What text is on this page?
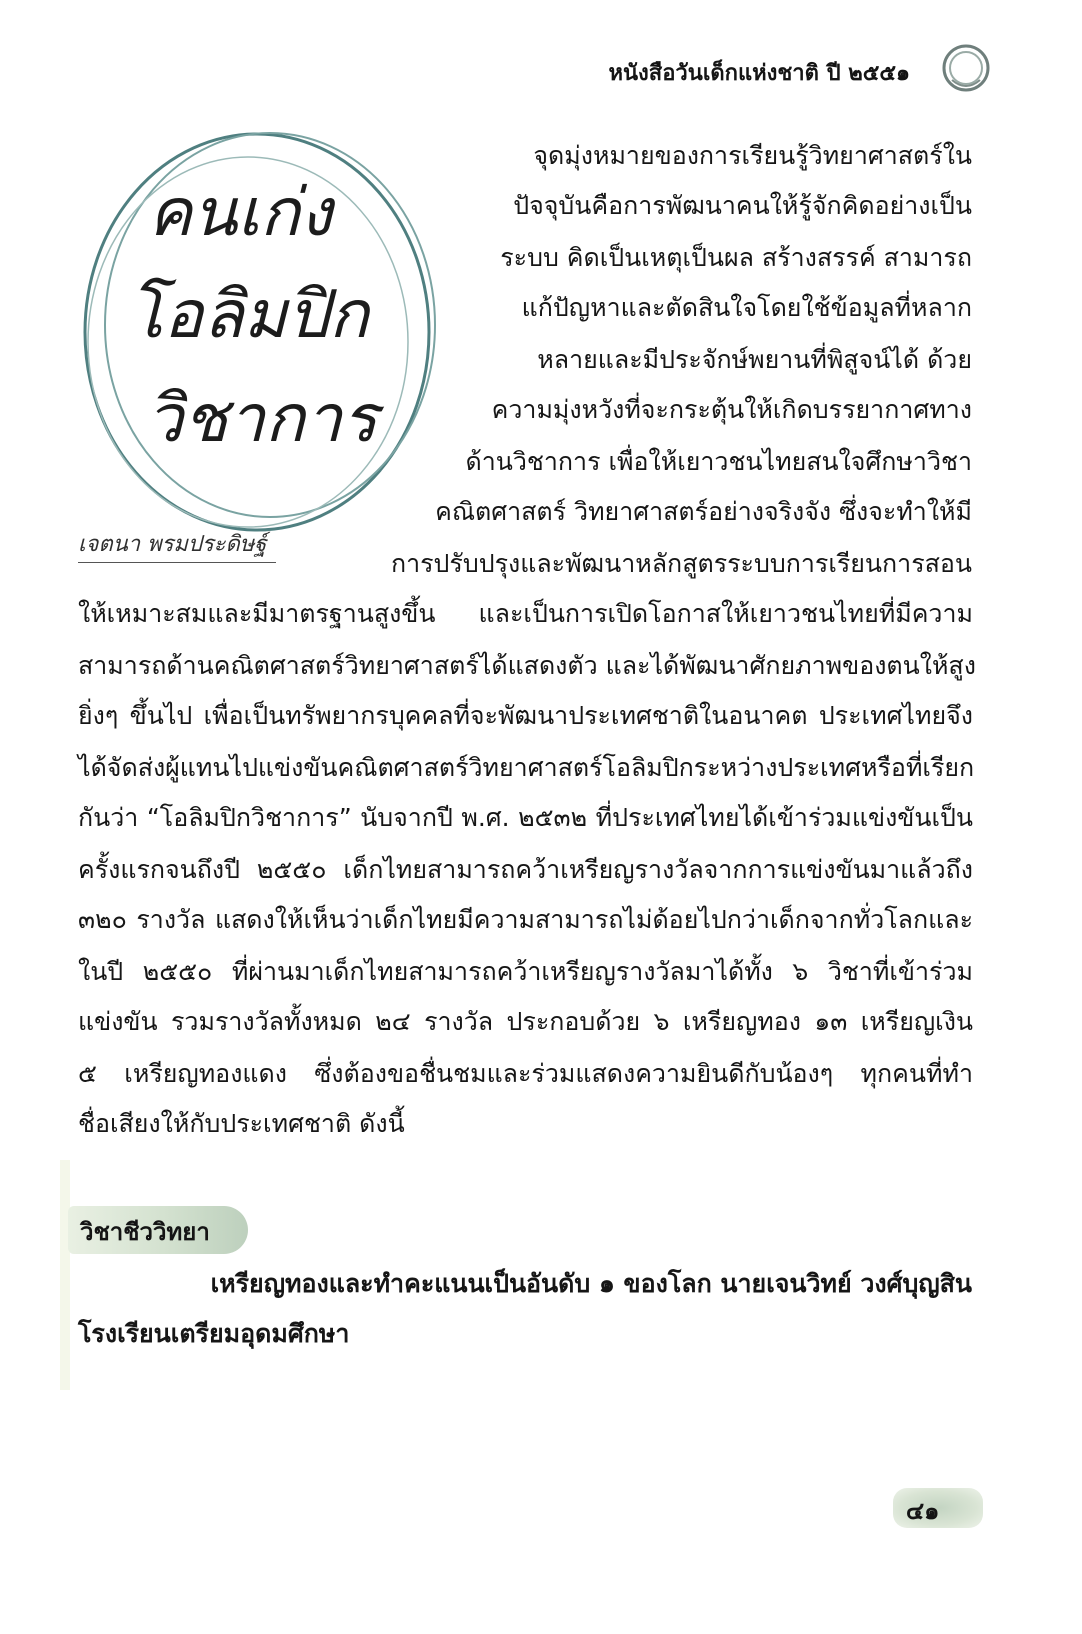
หนังสือวันเด็กแห่งชาติ ปี ๒๕๕๑
คนเก่ง
โอลิมปิก
วิชาการ
เจตนา พรมประดิษฐ์
จุดมุ่งหมายของการเรียนรู้วิทยาศาสตร์ใน
ปัจจุบันคือการพัฒนาคนให้รู้จักคิดอย่างเป็น
ระบบ คิดเป็นเหตุเป็นผล สร้างสรรค์ สามารถ
แก้ปัญหาและตัดสินใจโดยใช้ข้อมูลที่หลาก
หลายและมีประจักษ์พยานที่พิสูจน์ได้ ด้วย
ความมุ่งหวังที่จะกระตุ้นให้เกิดบรรยากาศทาง
ด้านวิชาการ เพื่อให้เยาวชนไทยสนใจศึกษาวิชา
คณิตศาสตร์ วิทยาศาสตร์อย่างจริงจัง ซึ่งจะทำให้มี
การปรับปรุงและพัฒนาหลักสูตรระบบการเรียนการสอน
ให้เหมาะสมและมีมาตรฐานสูงขึ้น และเป็นการเปิดโอกาสให้เยาวชนไทยที่มีความ
สามารถด้านคณิตศาสตร์วิทยาศาสตร์ได้แสดงตัว และได้พัฒนาศักยภาพของตนให้สูง
ยิ่งๆ ขึ้นไป เพื่อเป็นทรัพยากรบุคคลที่จะพัฒนาประเทศชาติในอนาคต ประเทศไทยจึง
ได้จัดส่งผู้แทนไปแข่งขันคณิตศาสตร์วิทยาศาสตร์โอลิมปิกระหว่างประเทศหรือที่เรียก
กันว่า “โอลิมปิกวิชาการ” นับจากปี พ.ศ. ๒๕๓๒ ที่ประเทศไทยได้เข้าร่วมแข่งขันเป็น
ครั้งแรกจนถึงปี ๒๕๕๐ เด็กไทยสามารถคว้าเหรียญรางวัลจากการแข่งขันมาแล้วถึง
๓๒๐ รางวัล แสดงให้เห็นว่าเด็กไทยมีความสามารถไม่ด้อยไปกว่าเด็กจากทั่วโลกและ
ในปี ๒๕๕๐ ที่ผ่านมาเด็กไทยสามารถคว้าเหรียญรางวัลมาได้ทั้ง ๖ วิชาที่เข้าร่วม
แข่งขัน รวมรางวัลทั้งหมด ๒๔ รางวัล ประกอบด้วย ๖ เหรียญทอง ๑๓ เหรียญเงิน
๕ เหรียญทองแดง ซึ่งต้องขอชื่นชมและร่วมแสดงความยินดีกับน้องๆ ทุกคนที่ทำ
ชื่อเสียงให้กับประเทศชาติ ดังนี้
วิชาชีววิทยา
เหรียญทองและทำคะแนนเป็นอันดับ ๑ ของโลก นายเจนวิทย์ วงศ์บุญสิน
โรงเรียนเตรียมอุดมศึกษา
๔๑
